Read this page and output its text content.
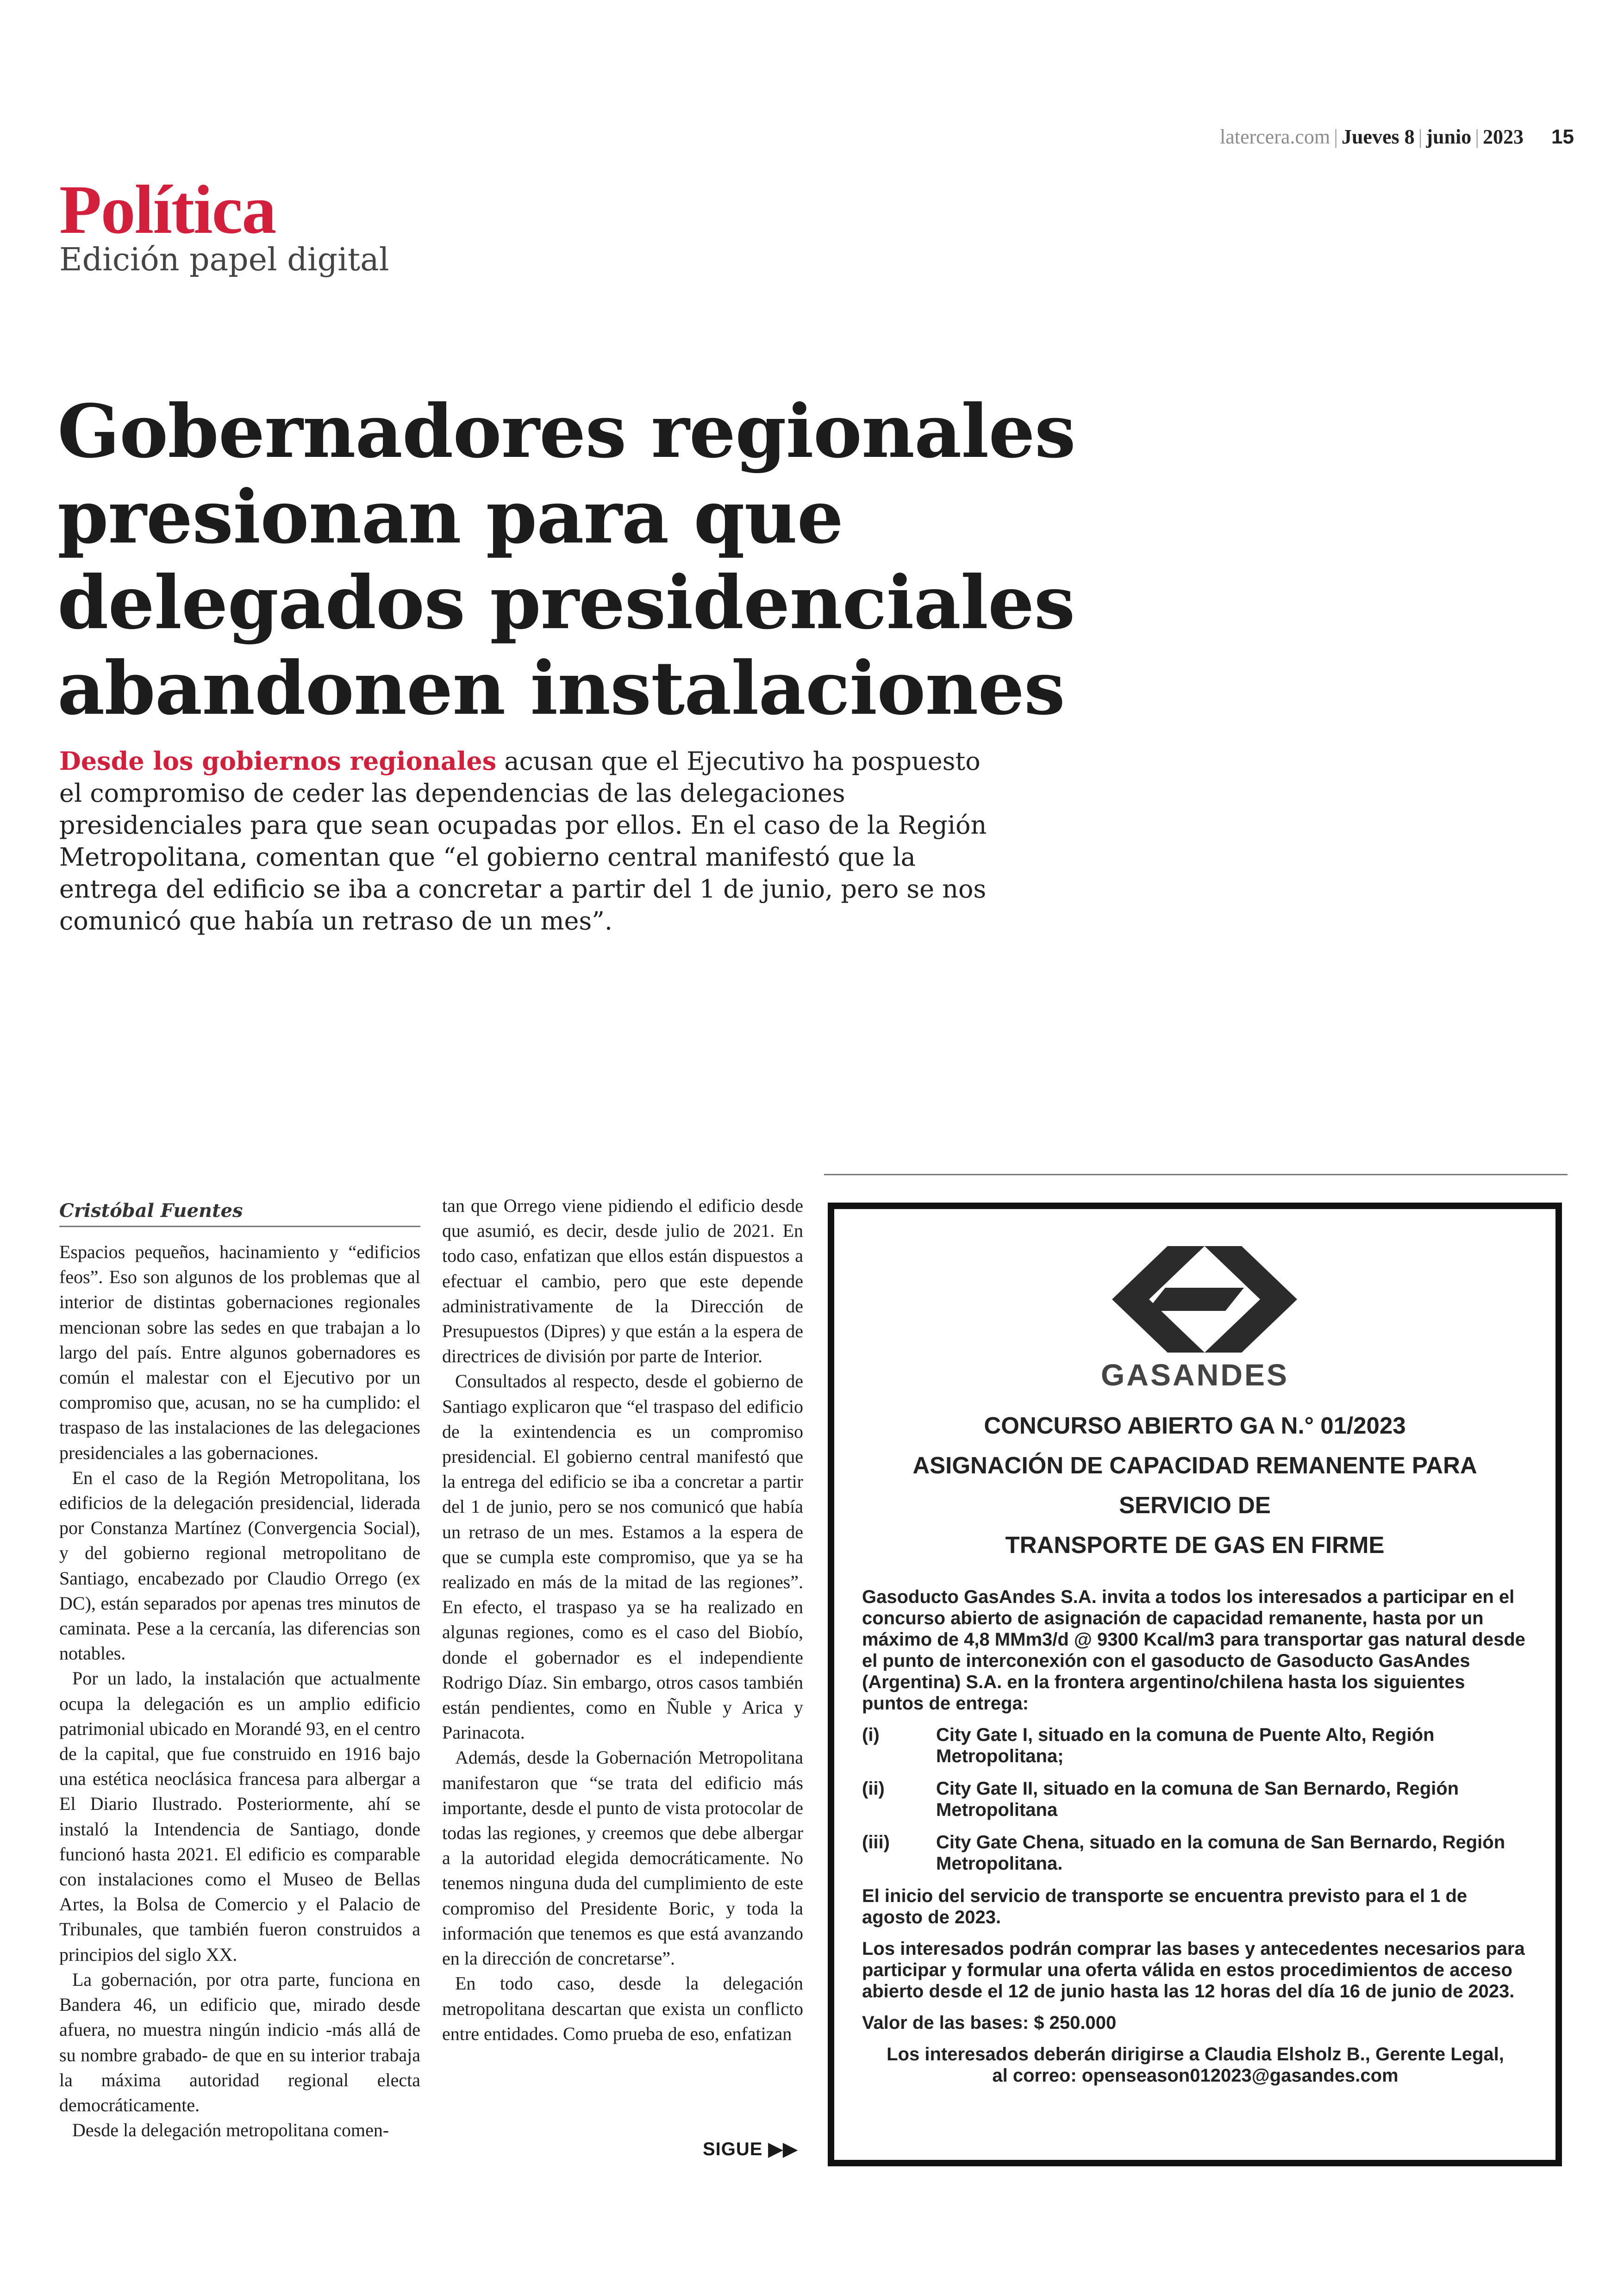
latercera.com | Jueves 8 | junio | 2023 15
Política
Edición papel digital
Gobernadores regionales presionan para que delegados presidenciales abandonen instalaciones

Desde los gobiernos regionales acusan que el Ejecutivo ha pospuesto el compromiso de ceder las dependencias de las delegaciones presidenciales para que sean ocupadas por ellos. En el caso de la Región Metropolitana, comentan que “el gobierno central manifestó que la entrega del edificio se iba a concretar a partir del 1 de junio, pero se nos comunicó que había un retraso de un mes”.

Cristóbal Fuentes

Espacios pequeños, hacinamiento y “edificios feos”. Eso son algunos de los problemas que al interior de distintas gobernaciones regionales mencionan sobre las sedes en que trabajan a lo largo del país. Entre algunos gobernadores es común el malestar con el Ejecutivo por un compromiso que, acusan, no se ha cumplido: el traspaso de las instalaciones de las delegaciones presidenciales a las gobernaciones.

En el caso de la Región Metropolitana, los edificios de la delegación presidencial, liderada por Constanza Martínez (Convergencia Social), y del gobierno regional metropolitano de Santiago, encabezado por Claudio Orrego (ex DC), están separados por apenas tres minutos de caminata. Pese a la cercanía, las diferencias son notables.

Por un lado, la instalación que actualmente ocupa la delegación es un amplio edificio patrimonial ubicado en Morandé 93, en el centro de la capital, que fue construido en 1916 bajo una estética neoclásica francesa para albergar a El Diario Ilustrado. Posteriormente, ahí se instaló la Intendencia de Santiago, donde funcionó hasta 2021. El edificio es comparable con instalaciones como el Museo de Bellas Artes, la Bolsa de Comercio y el Palacio de Tribunales, que también fueron construidos a principios del siglo XX.

La gobernación, por otra parte, funciona en Bandera 46, un edificio que, mirado desde afuera, no muestra ningún indicio -más allá de su nombre grabado- de que en su interior trabaja la máxima autoridad regional electa democráticamente.

Desde la delegación metropolitana comen-

tan que Orrego viene pidiendo el edificio desde que asumió, es decir, desde julio de 2021. En todo caso, enfatizan que ellos están dispuestos a efectuar el cambio, pero que este depende administrativamente de la Dirección de Presupuestos (Dipres) y que están a la espera de directrices de división por parte de Interior.

Consultados al respecto, desde el gobierno de Santiago explicaron que “el traspaso del edificio de la exintendencia es un compromiso presidencial. El gobierno central manifestó que la entrega del edificio se iba a concretar a partir del 1 de junio, pero se nos comunicó que había un retraso de un mes. Estamos a la espera de que se cumpla este compromiso, que ya se ha realizado en más de la mitad de las regiones”. En efecto, el traspaso ya se ha realizado en algunas regiones, como es el caso del Biobío, donde el gobernador es el independiente Rodrigo Díaz. Sin embargo, otros casos también están pendientes, como en Ñuble y Arica y Parinacota.

Además, desde la Gobernación Metropolitana manifestaron que “se trata del edificio más importante, desde el punto de vista protocolar de todas las regiones, y creemos que debe albergar a la autoridad elegida democráticamente. No tenemos ninguna duda del cumplimiento de este compromiso del Presidente Boric, y toda la información que tenemos es que está avanzando en la dirección de concretarse”.

En todo caso, desde la delegación metropolitana descartan que exista un conflicto entre entidades. Como prueba de eso, enfatizan

SIGUE ▶▶
GASANDES
CONCURSO ABIERTO GA N.° 01/2023
ASIGNACIÓN DE CAPACIDAD REMANENTE PARA
SERVICIO DE
TRANSPORTE DE GAS EN FIRME

Gasoducto GasAndes S.A. invita a todos los interesados a participar en el concurso abierto de asignación de capacidad remanente, hasta por un máximo de 4,8 MMm3/d @ 9300 Kcal/m3 para transportar gas natural desde el punto de interconexión con el gasoducto de Gasoducto GasAndes (Argentina) S.A. en la frontera argentino/chilena hasta los siguientes puntos de entrega:

(i)	City Gate I, situado en la comuna de Puente Alto, Región Metropolitana;
(ii)	City Gate II, situado en la comuna de San Bernardo, Región Metropolitana
(iii)	City Gate Chena, situado en la comuna de San Bernardo, Región Metropolitana.

El inicio del servicio de transporte se encuentra previsto para el 1 de agosto de 2023.

Los interesados podrán comprar las bases y antecedentes necesarios para participar y formular una oferta válida en estos procedimientos de acceso abierto desde el 12 de junio hasta las 12 horas del día 16 de junio de 2023.

Valor de las bases: $ 250.000

Los interesados deberán dirigirse a Claudia Elsholz B., Gerente Legal,
al correo: openseason012023@gasandes.com
